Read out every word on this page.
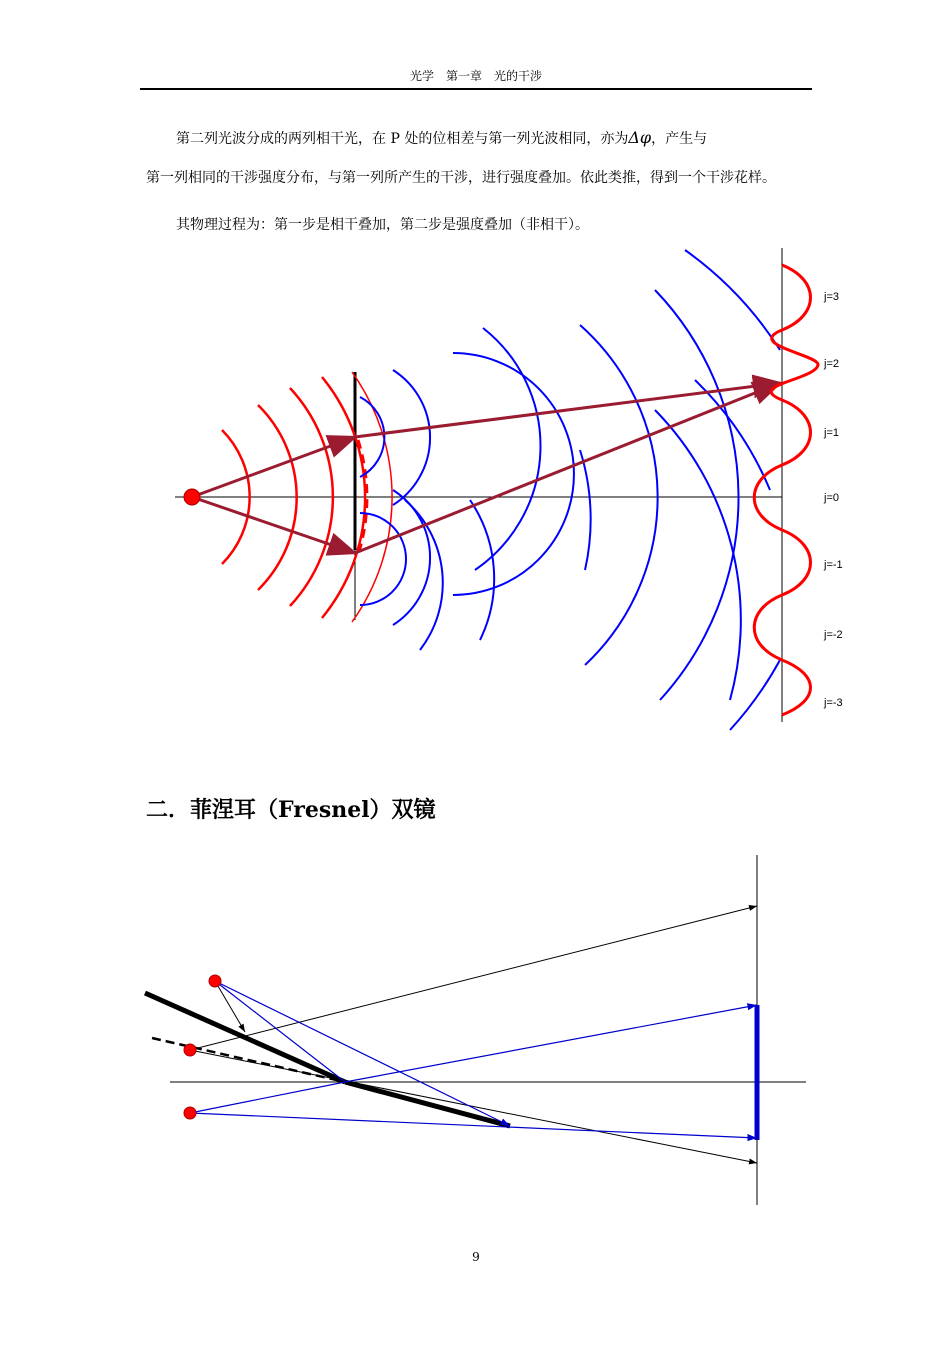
光学　第一章　光的干涉

第二列光波分成的两列相干光，在 P 处的位相差与第一列光波相同，亦为Δφ，产生与

第一列相同的干涉强度分布，与第一列所产生的干涉，进行强度叠加。依此类推，得到一个干涉花样。

其物理过程为：第一步是相干叠加，第二步是强度叠加（非相干）。

j=3
j=2
j=1
j=0
j=-1
j=-2
j=-3
二．菲涅耳（Fresnel）双镜
9
